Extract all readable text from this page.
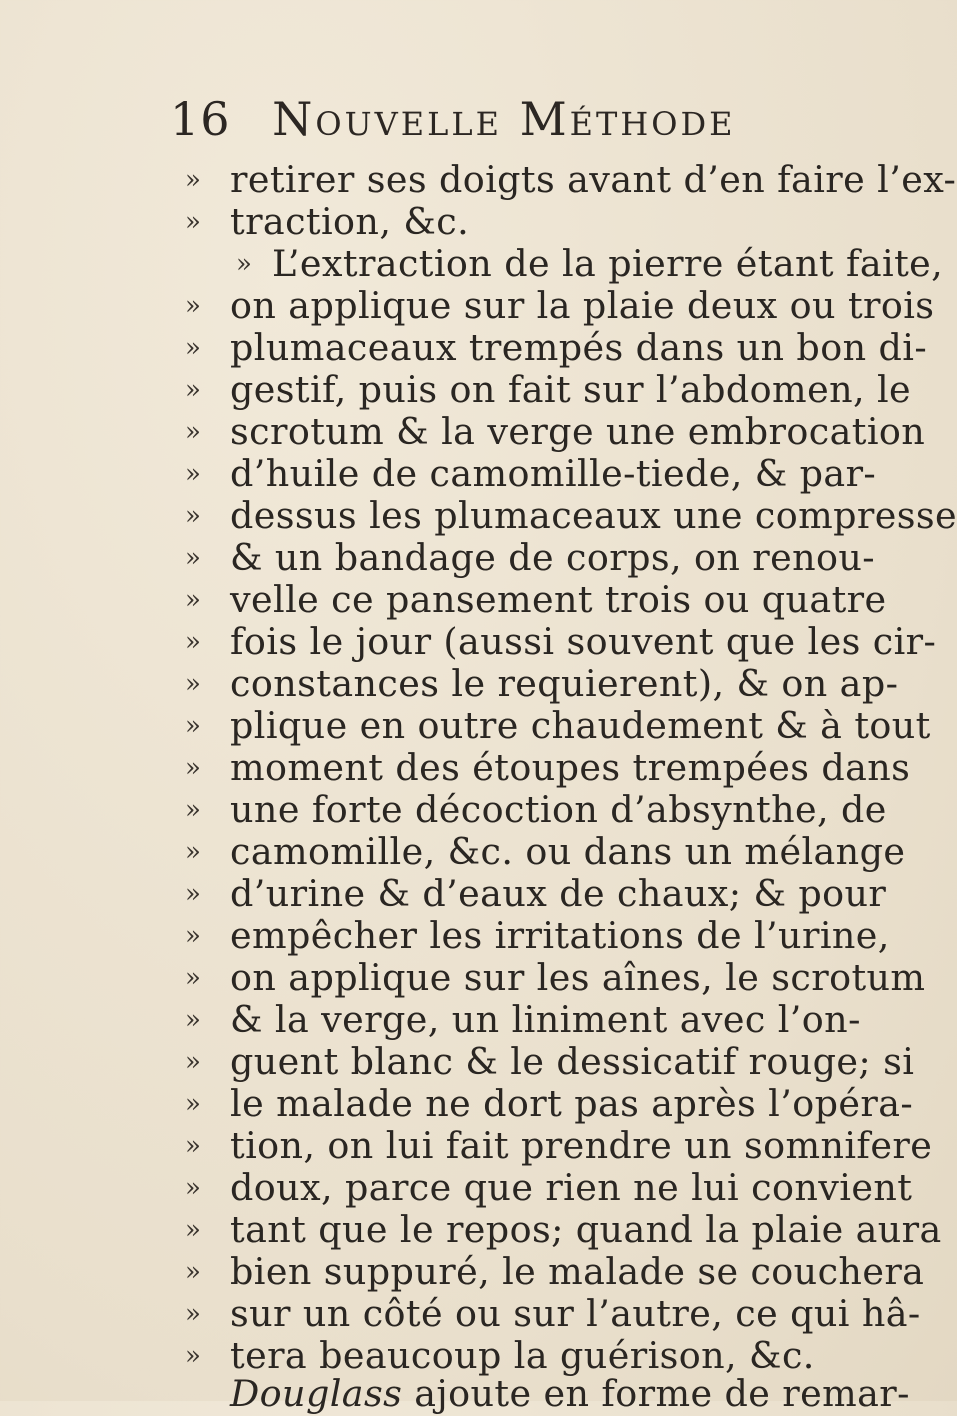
16 Nouvelle Méthode
» retirer ses doigts avant d’en faire l’ex-
» traction, &c.
» L’extraction de la pierre étant faite,
» on applique sur la plaie deux ou trois
» plumaceaux trempés dans un bon di-
» gestif, puis on fait sur l’abdomen, le
» scrotum & la verge une embrocation
» d’huile de camomille-tiede, & par-
» dessus les plumaceaux une compresse
» & un bandage de corps, on renou-
» velle ce pansement trois ou quatre
» fois le jour (aussi souvent que les cir-
» constances le requierent), & on ap-
» plique en outre chaudement & à tout
» moment des étoupes trempées dans
» une forte décoction d’absynthe, de
» camomille, &c. ou dans un mélange
» d’urine & d’eaux de chaux; & pour
» empêcher les irritations de l’urine,
» on applique sur les aînes, le scrotum
» & la verge, un liniment avec l’on-
» guent blanc & le dessicatif rouge; si
» le malade ne dort pas après l’opéra-
» tion, on lui fait prendre un somnifere
» doux, parce que rien ne lui convient
» tant que le repos; quand la plaie aura
» bien suppuré, le malade se couchera
» sur un côté ou sur l’autre, ce qui hâ-
» tera beaucoup la guérison, &c.
Douglass ajoute en forme de remar-
